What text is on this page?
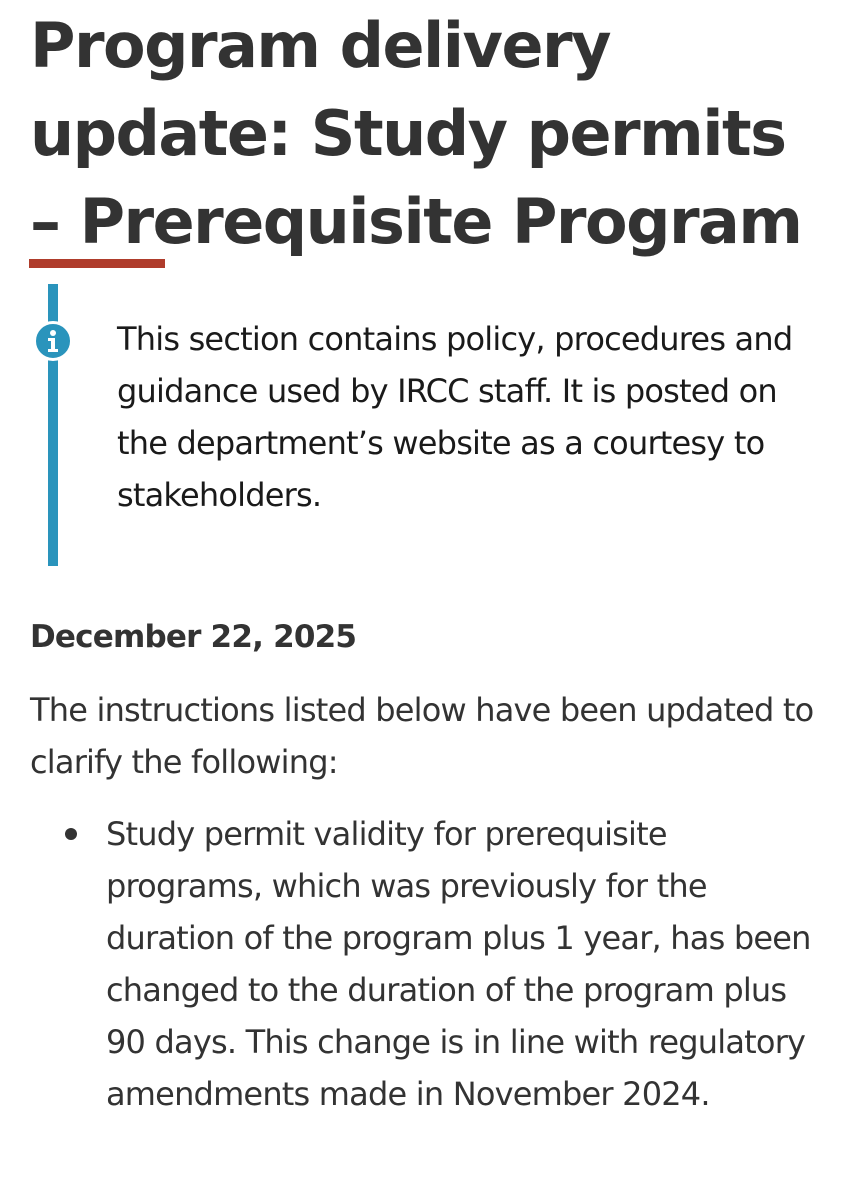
Program delivery update: Study permits – Prerequisite Program

This section contains policy, procedures and guidance used by IRCC staff. It is posted on the department’s website as a courtesy to stakeholders.

December 22, 2025

The instructions listed below have been updated to clarify the following:

Study permit validity for prerequisite programs, which was previously for the duration of the program plus 1 year, has been changed to the duration of the program plus 90 days. This change is in line with regulatory amendments made in November 2024.
